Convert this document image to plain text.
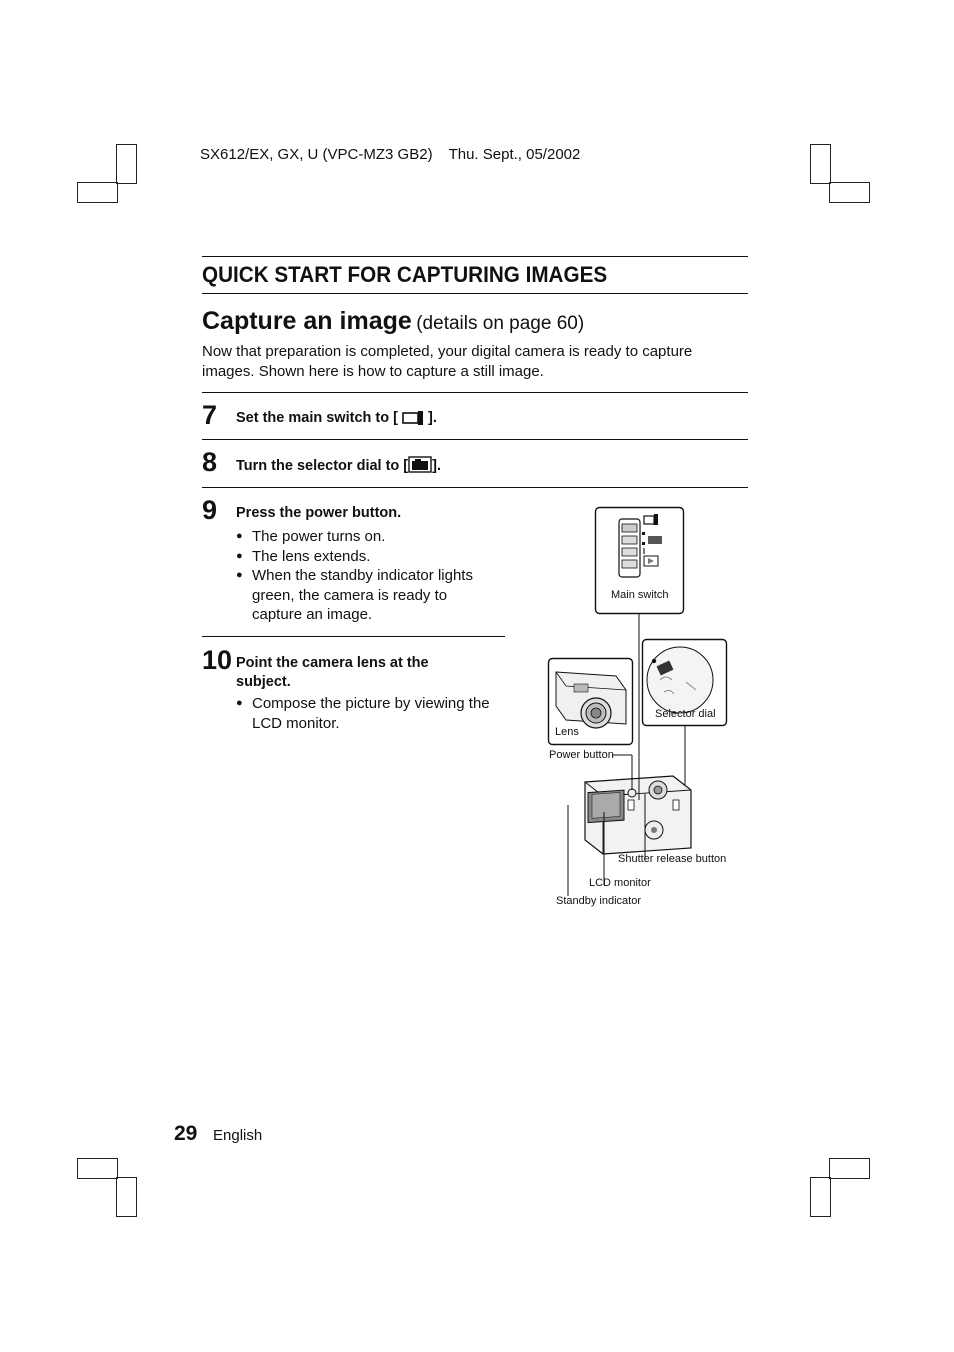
SX612/EX, GX, U (VPC-MZ3 GB2) Thu. Sept., 05/2002
QUICK START FOR CAPTURING IMAGES
Capture an image (details on page 60)
Now that preparation is completed, your digital camera is ready to capture images. Shown here is how to capture a still image.
7 Set the main switch to [ ].
8 Turn the selector dial to [ ].
9 Press the power button.
● The power turns on.
● The lens extends.
● When the standby indicator lights green, the camera is ready to capture an image.
10 Point the camera lens at the subject.
● Compose the picture by viewing the LCD monitor.
Main switch
Selector dial
Lens
Power button
Shutter release button
LCD monitor
Standby indicator
29 English
